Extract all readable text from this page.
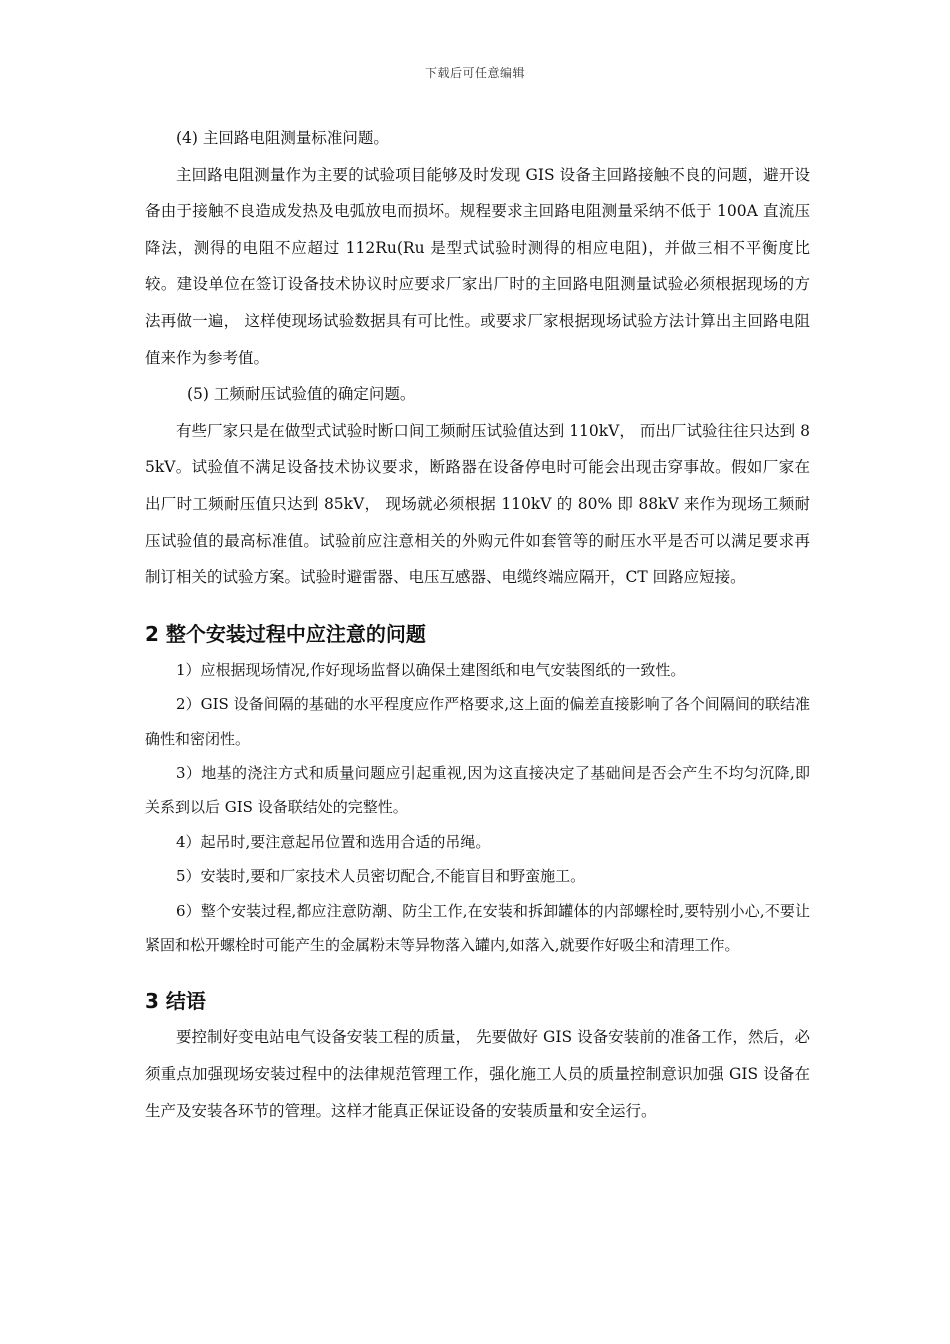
下载后可任意编辑

(4) 主回路电阻测量标准问题。

主回路电阻测量作为主要的试验项目能够及时发现 GIS 设备主回路接触不良的问题，避开设备由于接触不良造成发热及电弧放电而损坏。规程要求主回路电阻测量采纳不低于 100A 直流压降法，测得的电阻不应超过 112Ru(Ru 是型式试验时测得的相应电阻)，并做三相不平衡度比较。建设单位在签订设备技术协议时应要求厂家出厂时的主回路电阻测量试验必须根据现场的方法再做一遍， 这样使现场试验数据具有可比性。或要求厂家根据现场试验方法计算出主回路电阻值来作为参考值。

(5) 工频耐压试验值的确定问题。

有些厂家只是在做型式试验时断口间工频耐压试验值达到 110kV， 而出厂试验往往只达到 85kV。试验值不满足设备技术协议要求，断路器在设备停电时可能会出现击穿事故。假如厂家在出厂时工频耐压值只达到 85kV， 现场就必须根据 110kV 的 80% 即 88kV 来作为现场工频耐压试验值的最高标准值。试验前应注意相关的外购元件如套管等的耐压水平是否可以满足要求再制订相关的试验方案。试验时避雷器、电压互感器、电缆终端应隔开，CT 回路应短接。

2 整个安装过程中应注意的问题

1）应根据现场情况,作好现场监督以确保土建图纸和电气安装图纸的一致性。

2）GIS 设备间隔的基础的水平程度应作严格要求,这上面的偏差直接影响了各个间隔间的联结准确性和密闭性。

3）地基的浇注方式和质量问题应引起重视,因为这直接决定了基础间是否会产生不均匀沉降,即关系到以后 GIS 设备联结处的完整性。

4）起吊时,要注意起吊位置和选用合适的吊绳。

5）安装时,要和厂家技术人员密切配合,不能盲目和野蛮施工。

6）整个安装过程,都应注意防潮、防尘工作,在安装和拆卸罐体的内部螺栓时,要特别小心,不要让紧固和松开螺栓时可能产生的金属粉末等异物落入罐内,如落入,就要作好吸尘和清理工作。

3 结语

要控制好变电站电气设备安装工程的质量， 先要做好 GIS 设备安装前的准备工作，然后，必须重点加强现场安装过程中的法律规范管理工作，强化施工人员的质量控制意识加强 GIS 设备在生产及安装各环节的管理。这样才能真正保证设备的安装质量和安全运行。
